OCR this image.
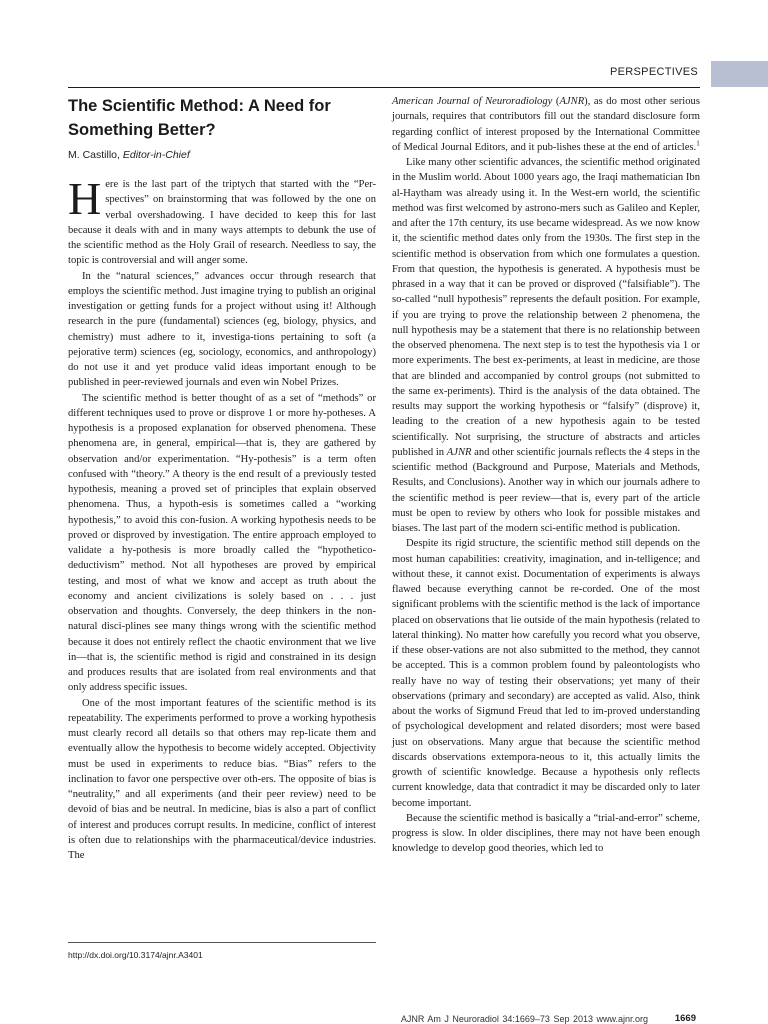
PERSPECTIVES
The Scientific Method: A Need for Something Better?

M. Castillo, Editor-in-Chief

Here is the last part of the triptych that started with the “Per-spectives” on brainstorming that was followed by the one on verbal overshadowing. I have decided to keep this for last because it deals with and in many ways attempts to debunk the use of the scientific method as the Holy Grail of research. Needless to say, the topic is controversial and will anger some.

In the “natural sciences,” advances occur through research that employs the scientific method. Just imagine trying to publish an original investigation or getting funds for a project without using it! Although research in the pure (fundamental) sciences (eg, biology, physics, and chemistry) must adhere to it, investiga-tions pertaining to soft (a pejorative term) sciences (eg, sociology, economics, and anthropology) do not use it and yet produce valid ideas important enough to be published in peer-reviewed journals and even win Nobel Prizes.

The scientific method is better thought of as a set of “methods” or different techniques used to prove or disprove 1 or more hy-potheses. A hypothesis is a proposed explanation for observed phenomena. These phenomena are, in general, empirical—that is, they are gathered by observation and/or experimentation. “Hy-pothesis” is a term often confused with “theory.” A theory is the end result of a previously tested hypothesis, meaning a proved set of principles that explain observed phenomena. Thus, a hypoth-esis is sometimes called a “working hypothesis,” to avoid this con-fusion. A working hypothesis needs to be proved or disproved by investigation. The entire approach employed to validate a hy-pothesis is more broadly called the “hypothetico-deductivism” method. Not all hypotheses are proved by empirical testing, and most of what we know and accept as truth about the economy and ancient civilizations is solely based on . . . just observation and thoughts. Conversely, the deep thinkers in the non-natural disci-plines see many things wrong with the scientific method because it does not entirely reflect the chaotic environment that we live in—that is, the scientific method is rigid and constrained in its design and produces results that are isolated from real environments and that only address specific issues.

One of the most important features of the scientific method is its repeatability. The experiments performed to prove a working hypothesis must clearly record all details so that others may rep-licate them and eventually allow the hypothesis to become widely accepted. Objectivity must be used in experiments to reduce bias. “Bias” refers to the inclination to favor one perspective over oth-ers. The opposite of bias is “neutrality,” and all experiments (and their peer review) need to be devoid of bias and be neutral. In medicine, bias is also a part of conflict of interest and produces corrupt results. In medicine, conflict of interest is often due to relationships with the pharmaceutical/device industries. The

http://dx.doi.org/10.3174/ajnr.A3401

American Journal of Neuroradiology (AJNR), as do most other serious journals, requires that contributors fill out the standard disclosure form regarding conflict of interest proposed by the International Committee of Medical Journal Editors, and it pub-lishes these at the end of articles.$^1$

Like many other scientific advances, the scientific method originated in the Muslim world. About 1000 years ago, the Iraqi mathematician Ibn al-Haytham was already using it. In the West-ern world, the scientific method was first welcomed by astrono-mers such as Galileo and Kepler, and after the 17th century, its use became widespread. As we now know it, the scientific method dates only from the 1930s. The first step in the scientific method is observation from which one formulates a question. From that question, the hypothesis is generated. A hypothesis must be phrased in a way that it can be proved or disproved (“falsifiable”). The so-called “null hypothesis” represents the default position. For example, if you are trying to prove the relationship between 2 phenomena, the null hypothesis may be a statement that there is no relationship between the observed phenomena. The next step is to test the hypothesis via 1 or more experiments. The best ex-periments, at least in medicine, are those that are blinded and accompanied by control groups (not submitted to the same ex-periments). Third is the analysis of the data obtained. The results may support the working hypothesis or “falsify” (disprove) it, leading to the creation of a new hypothesis again to be tested scientifically. Not surprising, the structure of abstracts and articles published in AJNR and other scientific journals reflects the 4 steps in the scientific method (Background and Purpose, Materials and Methods, Results, and Conclusions). Another way in which our journals adhere to the scientific method is peer review—that is, every part of the article must be open to review by others who look for possible mistakes and biases. The last part of the modern sci-entific method is publication.

Despite its rigid structure, the scientific method still depends on the most human capabilities: creativity, imagination, and in-telligence; and without these, it cannot exist. Documentation of experiments is always flawed because everything cannot be re-corded. One of the most significant problems with the scientific method is the lack of importance placed on observations that lie outside of the main hypothesis (related to lateral thinking). No matter how carefully you record what you observe, if these obser-vations are not also submitted to the method, they cannot be accepted. This is a common problem found by paleontologists who really have no way of testing their observations; yet many of their observations (primary and secondary) are accepted as valid. Also, think about the works of Sigmund Freud that led to im-proved understanding of psychological development and related disorders; most were based just on observations. Many argue that because the scientific method discards observations extempora-neous to it, this actually limits the growth of scientific knowledge. Because a hypothesis only reflects current knowledge, data that contradict it may be discarded only to later become important.

Because the scientific method is basically a “trial-and-error” scheme, progress is slow. In older disciplines, there may not have been enough knowledge to develop good theories, which led to

AJNR Am J Neuroradiol 34:1669–73 Sep 2013 www.ajnr.org	1669
